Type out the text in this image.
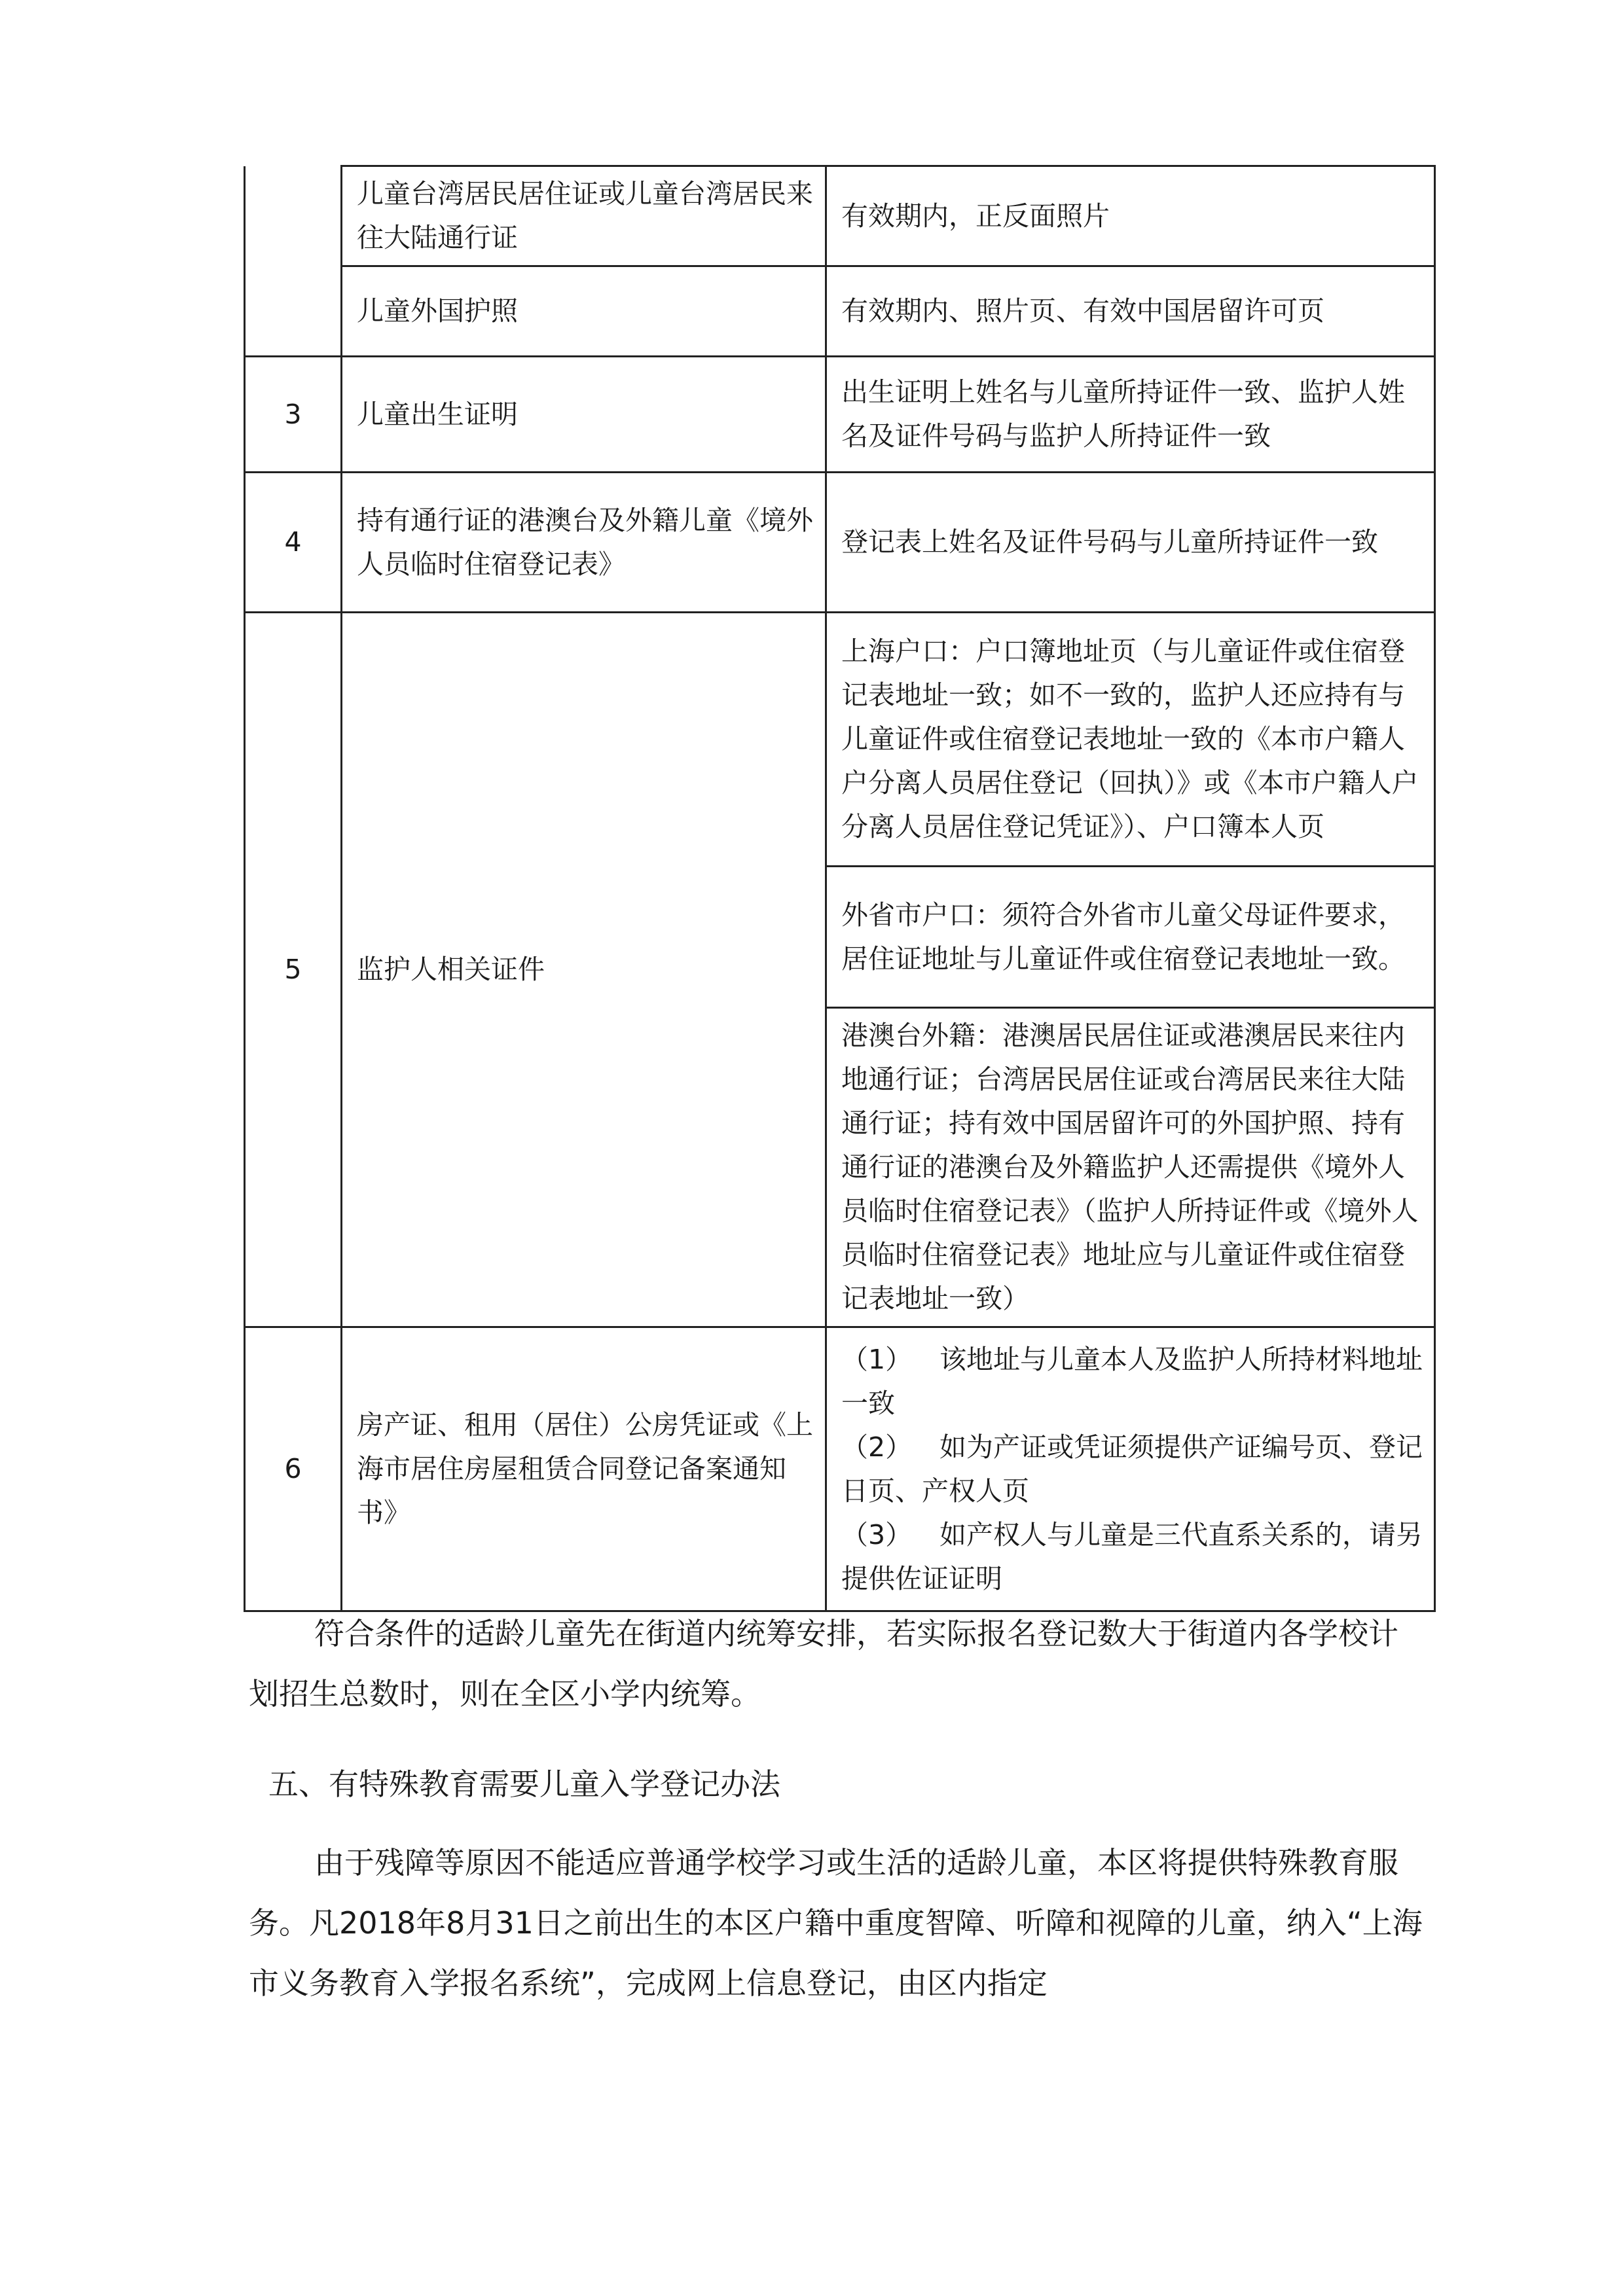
	儿童台湾居民居住证或儿童台湾居民来往大陆通行证	有效期内，正反面照片
	儿童外国护照	有效期内、照片页、有效中国居留许可页
3	儿童出生证明	出生证明上姓名与儿童所持证件一致、监护人姓名及证件号码与监护人所持证件一致
4	持有通行证的港澳台及外籍儿童《境外人员临时住宿登记表》	登记表上姓名及证件号码与儿童所持证件一致
5	监护人相关证件	上海户口：户口簿地址页（与儿童证件或住宿登记表地址一致；如不一致的，监护人还应持有与儿童证件或住宿登记表地址一致的《本市户籍人户分离人员居住登记（回执）》或《本市户籍人户分离人员居住登记凭证》）、户口簿本人页
		外省市户口：须符合外省市儿童父母证件要求，居住证地址与儿童证件或住宿登记表地址一致。
		港澳台外籍：港澳居民居住证或港澳居民来往内地通行证；台湾居民居住证或台湾居民来往大陆通行证；持有效中国居留许可的外国护照、持有通行证的港澳台及外籍监护人还需提供《境外人员临时住宿登记表》（监护人所持证件或《境外人员临时住宿登记表》地址应与儿童证件或住宿登记表地址一致）
6	房产证、租用（居住）公房凭证或《上海市居住房屋租赁合同登记备案通知书》	（1） 该地址与儿童本人及监护人所持材料地址一致
（2） 如为产证或凭证须提供产证编号页、登记日页、产权人页
（3） 如产权人与儿童是三代直系关系的，请另提供佐证证明
符合条件的适龄儿童先在街道内统筹安排，若实际报名登记数大于街道内各学校计划招生总数时，则在全区小学内统筹。
五、有特殊教育需要儿童入学登记办法
由于残障等原因不能适应普通学校学习或生活的适龄儿童，本区将提供特殊教育服务。凡2018年8月31日之前出生的本区户籍中重度智障、听障和视障的儿童，纳入“上海市义务教育入学报名系统”，完成网上信息登记，由区内指定
